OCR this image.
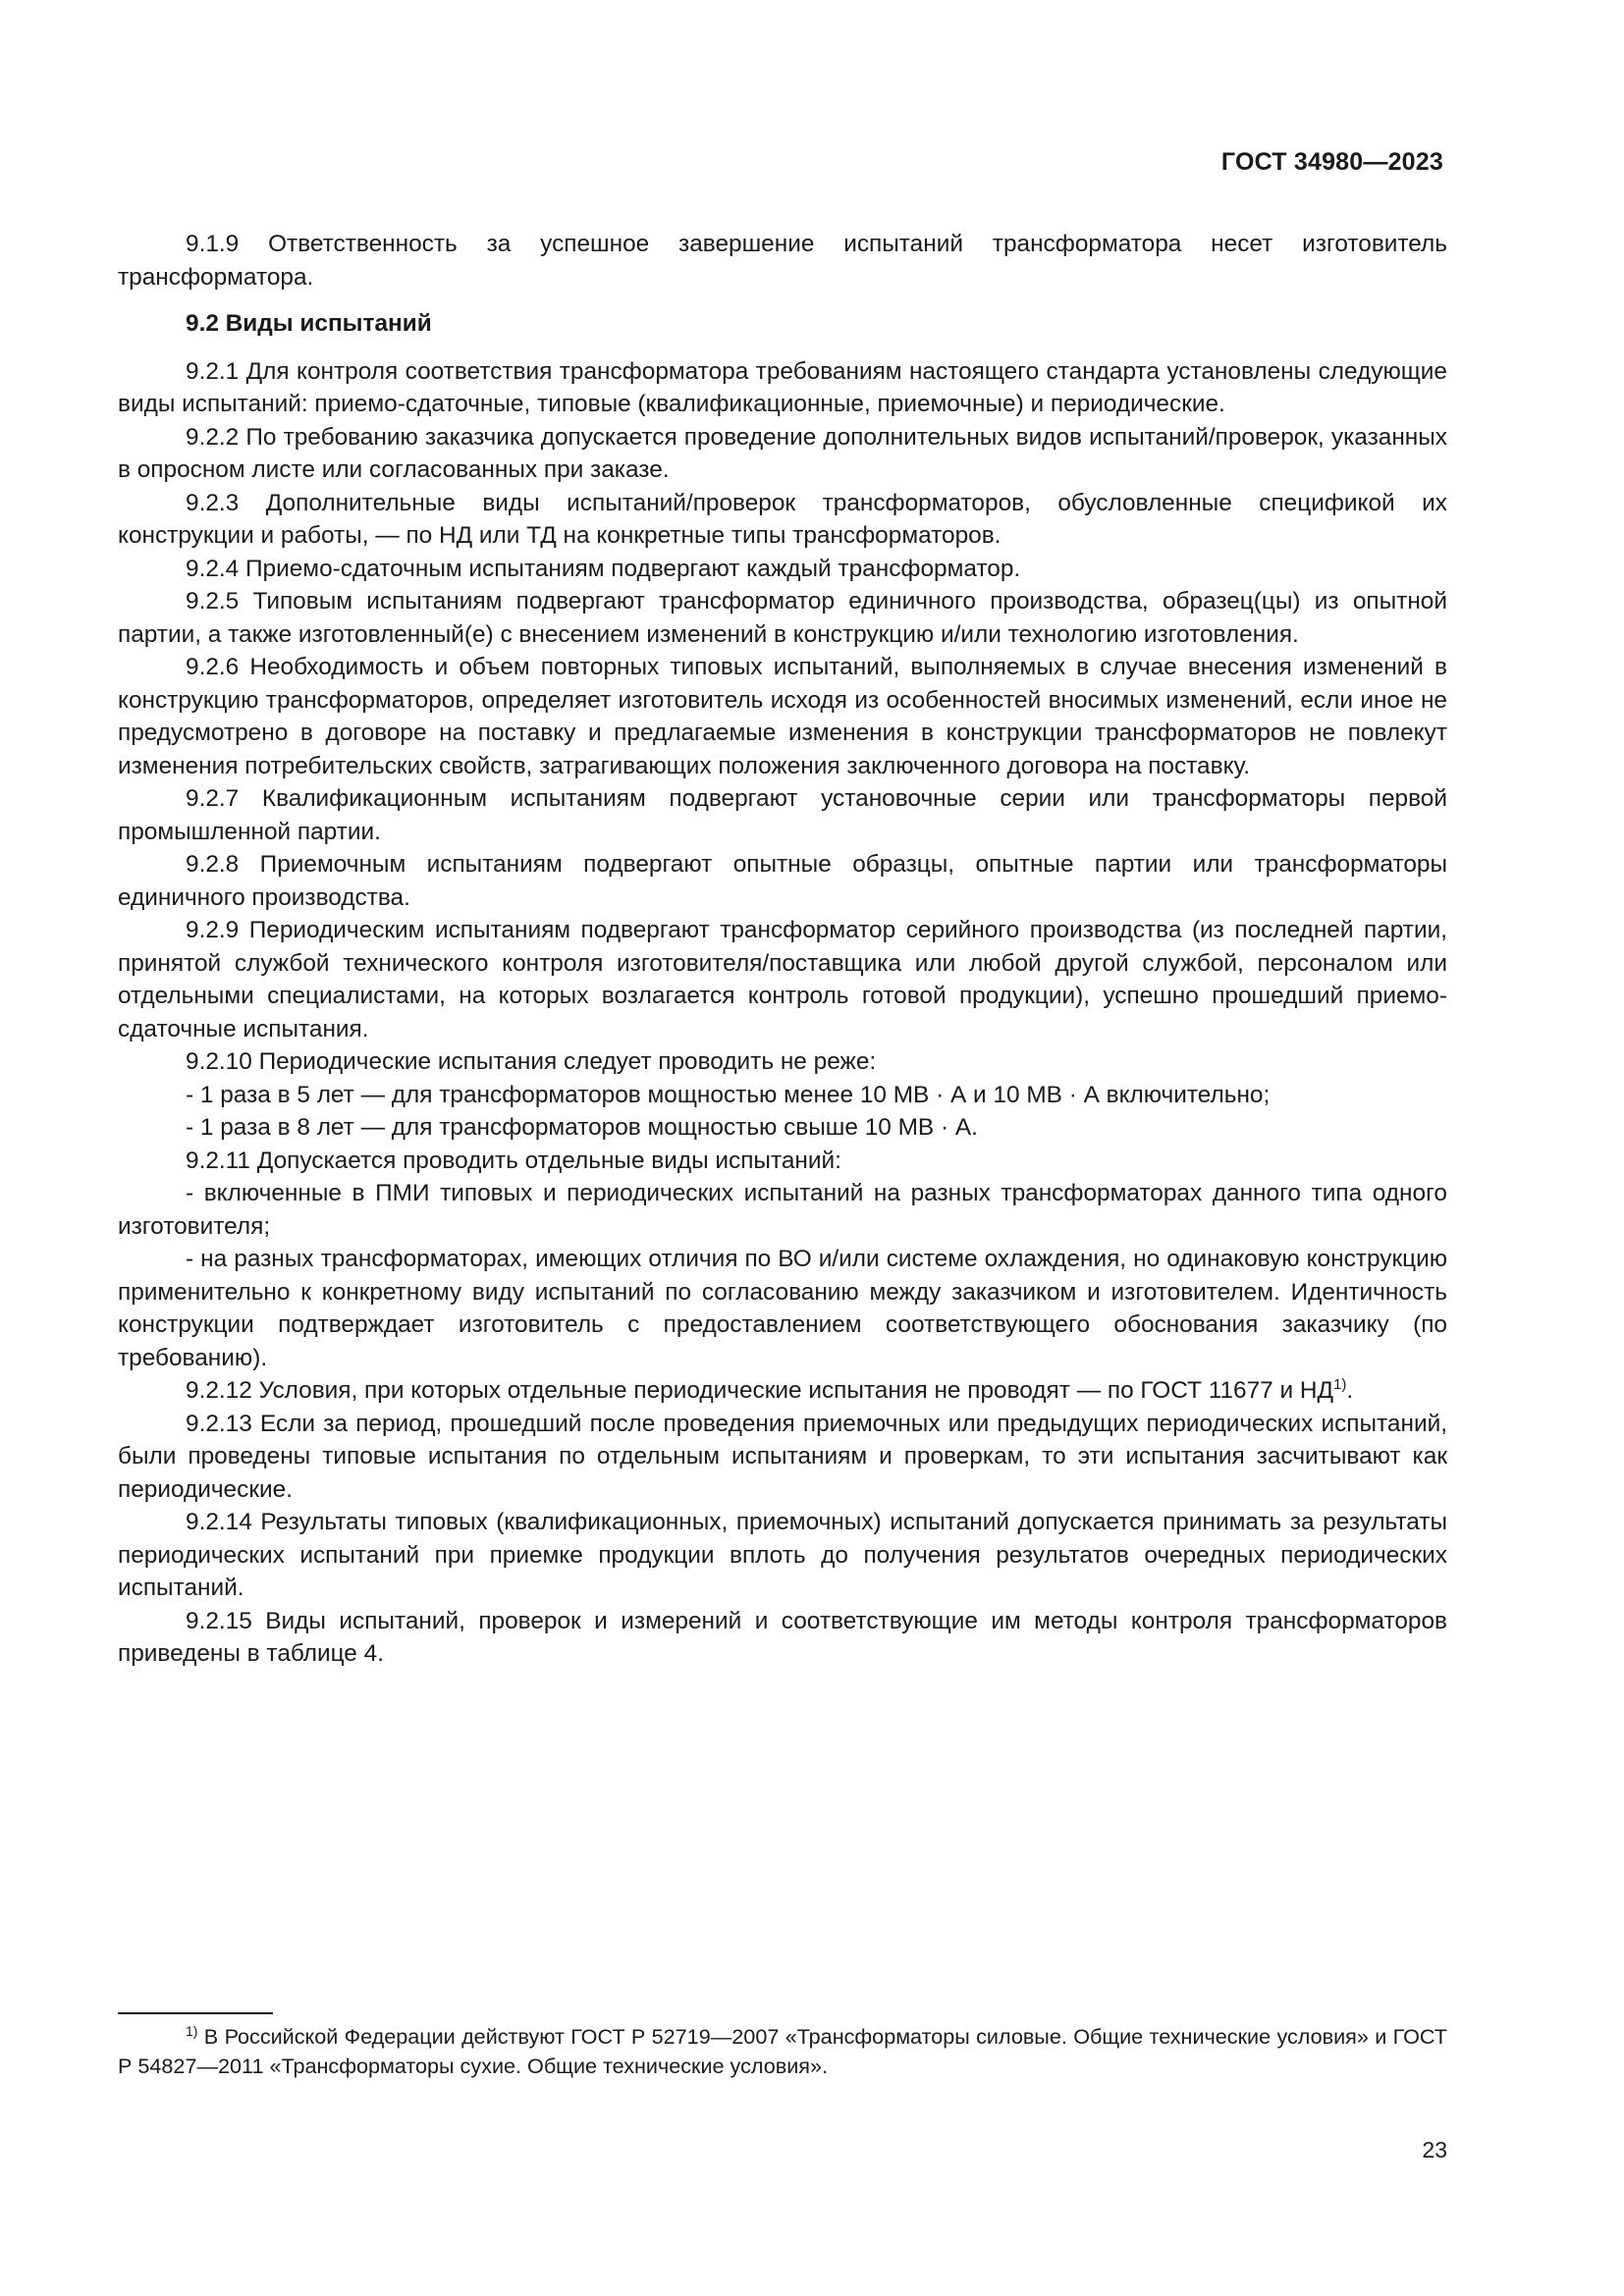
ГОСТ 34980—2023

9.1.9 Ответственность за успешное завершение испытаний трансформатора несет изготовитель трансформатора.

9.2 Виды испытаний

9.2.1 Для контроля соответствия трансформатора требованиям настоящего стандарта установлены следующие виды испытаний: приемо-сдаточные, типовые (квалификационные, приемочные) и периодические.

9.2.2 По требованию заказчика допускается проведение дополнительных видов испытаний/проверок, указанных в опросном листе или согласованных при заказе.

9.2.3 Дополнительные виды испытаний/проверок трансформаторов, обусловленные спецификой их конструкции и работы, — по НД или ТД на конкретные типы трансформаторов.

9.2.4 Приемо-сдаточным испытаниям подвергают каждый трансформатор.

9.2.5 Типовым испытаниям подвергают трансформатор единичного производства, образец(цы) из опытной партии, а также изготовленный(е) с внесением изменений в конструкцию и/или технологию изготовления.

9.2.6 Необходимость и объем повторных типовых испытаний, выполняемых в случае внесения изменений в конструкцию трансформаторов, определяет изготовитель исходя из особенностей вносимых изменений, если иное не предусмотрено в договоре на поставку и предлагаемые изменения в конструкции трансформаторов не повлекут изменения потребительских свойств, затрагивающих положения заключенного договора на поставку.

9.2.7 Квалификационным испытаниям подвергают установочные серии или трансформаторы первой промышленной партии.

9.2.8 Приемочным испытаниям подвергают опытные образцы, опытные партии или трансформаторы единичного производства.

9.2.9 Периодическим испытаниям подвергают трансформатор серийного производства (из последней партии, принятой службой технического контроля изготовителя/поставщика или любой другой службой, персоналом или отдельными специалистами, на которых возлагается контроль готовой продукции), успешно прошедший приемо-сдаточные испытания.

9.2.10 Периодические испытания следует проводить не реже:

- 1 раза в 5 лет — для трансформаторов мощностью менее 10 МВ · А и 10 МВ · А включительно;

- 1 раза в 8 лет — для трансформаторов мощностью свыше 10 МВ · А.

9.2.11 Допускается проводить отдельные виды испытаний:

- включенные в ПМИ типовых и периодических испытаний на разных трансформаторах данного типа одного изготовителя;

- на разных трансформаторах, имеющих отличия по ВО и/или системе охлаждения, но одинаковую конструкцию применительно к конкретному виду испытаний по согласованию между заказчиком и изготовителем. Идентичность конструкции подтверждает изготовитель с предоставлением соответствующего обоснования заказчику (по требованию).

9.2.12 Условия, при которых отдельные периодические испытания не проводят — по ГОСТ 11677 и НД$^{1)}$.

9.2.13 Если за период, прошедший после проведения приемочных или предыдущих периодических испытаний, были проведены типовые испытания по отдельным испытаниям и проверкам, то эти испытания засчитывают как периодические.

9.2.14 Результаты типовых (квалификационных, приемочных) испытаний допускается принимать за результаты периодических испытаний при приемке продукции вплоть до получения результатов очередных периодических испытаний.

9.2.15 Виды испытаний, проверок и измерений и соответствующие им методы контроля трансформаторов приведены в таблице 4.

$^{1)}$ В Российской Федерации действуют ГОСТ Р 52719—2007 «Трансформаторы силовые. Общие технические условия» и ГОСТ Р 54827—2011 «Трансформаторы сухие. Общие технические условия».

23
